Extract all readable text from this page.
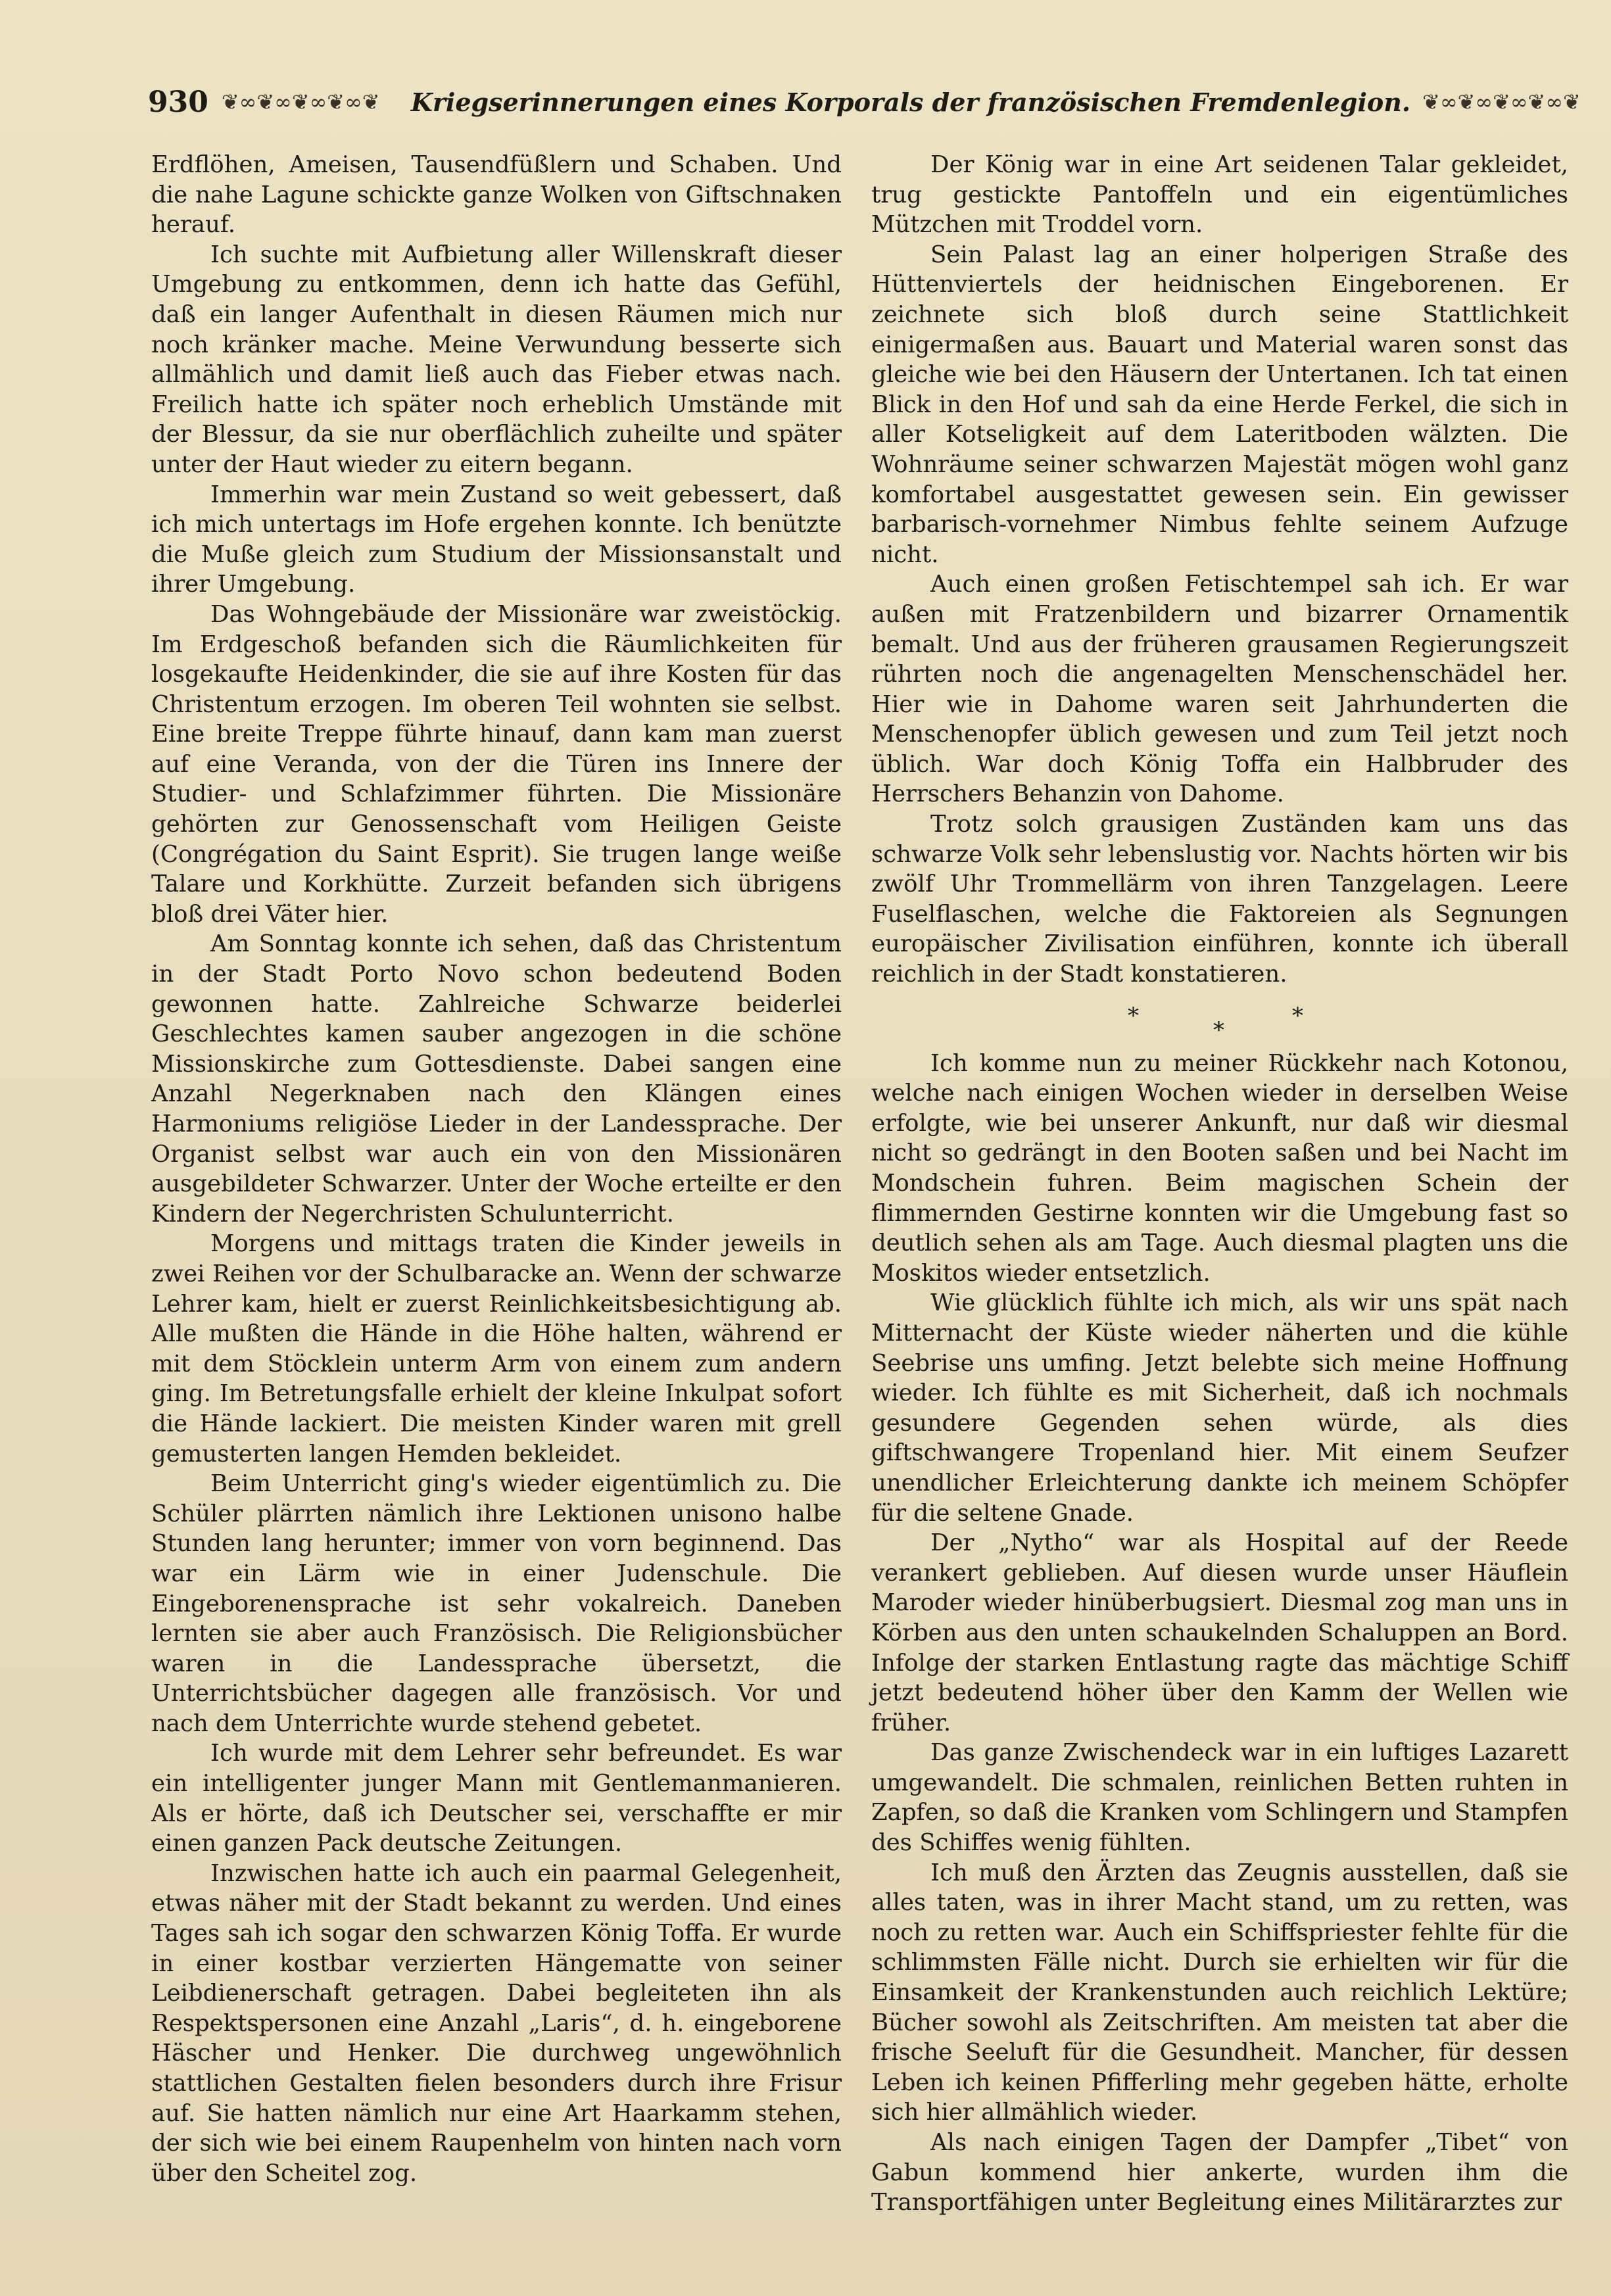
930 ❦∞❦∞❦∞❦∞❦	Kriegserinnerungen eines Korporals der französischen Fremdenlegion. ❦∞❦∞❦∞❦∞❦

Erdflöhen, Ameisen, Tausendfüßlern und Schaben. Und die nahe Lagune schickte ganze Wolken von Giftschnaken herauf.

Ich suchte mit Aufbietung aller Willenskraft dieser Umgebung zu entkommen, denn ich hatte das Gefühl, daß ein langer Aufenthalt in diesen Räumen mich nur noch kränker mache. Meine Verwundung besserte sich allmählich und damit ließ auch das Fieber etwas nach. Freilich hatte ich später noch erheblich Umstände mit der Blessur, da sie nur oberflächlich zuheilte und später unter der Haut wieder zu eitern begann.

Immerhin war mein Zustand so weit gebessert, daß ich mich untertags im Hofe ergehen konnte. Ich benützte die Muße gleich zum Studium der Missionsanstalt und ihrer Umgebung.

Das Wohngebäude der Missionäre war zweistöckig. Im Erdgeschoß befanden sich die Räumlichkeiten für losgekaufte Heidenkinder, die sie auf ihre Kosten für das Christentum erzogen. Im oberen Teil wohnten sie selbst. Eine breite Treppe führte hinauf, dann kam man zuerst auf eine Veranda, von der die Türen ins Innere der Studier- und Schlafzimmer führten. Die Missionäre gehörten zur Genossenschaft vom Heiligen Geiste (Congrégation du Saint Esprit). Sie trugen lange weiße Talare und Korkhütte. Zurzeit befanden sich übrigens bloß drei Väter hier.

Am Sonntag konnte ich sehen, daß das Christentum in der Stadt Porto Novo schon bedeutend Boden gewonnen hatte. Zahlreiche Schwarze beiderlei Geschlechtes kamen sauber angezogen in die schöne Missionskirche zum Gottesdienste. Dabei sangen eine Anzahl Negerknaben nach den Klängen eines Harmoniums religiöse Lieder in der Landessprache. Der Organist selbst war auch ein von den Missionären ausgebildeter Schwarzer. Unter der Woche erteilte er den Kindern der Negerchristen Schulunterricht.

Morgens und mittags traten die Kinder jeweils in zwei Reihen vor der Schulbaracke an. Wenn der schwarze Lehrer kam, hielt er zuerst Reinlichkeitsbesichtigung ab. Alle mußten die Hände in die Höhe halten, während er mit dem Stöcklein unterm Arm von einem zum andern ging. Im Betretungsfalle erhielt der kleine Inkulpat sofort die Hände lackiert. Die meisten Kinder waren mit grell gemusterten langen Hemden bekleidet.

Beim Unterricht ging's wieder eigentümlich zu. Die Schüler plärrten nämlich ihre Lektionen unisono halbe Stunden lang herunter; immer von vorn beginnend. Das war ein Lärm wie in einer Judenschule. Die Eingeborenensprache ist sehr vokalreich. Daneben lernten sie aber auch Französisch. Die Religionsbücher waren in die Landessprache übersetzt, die Unterrichtsbücher dagegen alle französisch. Vor und nach dem Unterrichte wurde stehend gebetet.

Ich wurde mit dem Lehrer sehr befreundet. Es war ein intelligenter junger Mann mit Gentlemanmanieren. Als er hörte, daß ich Deutscher sei, verschaffte er mir einen ganzen Pack deutsche Zeitungen.

Inzwischen hatte ich auch ein paarmal Gelegenheit, etwas näher mit der Stadt bekannt zu werden. Und eines Tages sah ich sogar den schwarzen König Toffa. Er wurde in einer kostbar verzierten Hängematte von seiner Leibdienerschaft getragen. Dabei begleiteten ihn als Respektspersonen eine Anzahl „Laris“, d. h. eingeborene Häscher und Henker. Die durchweg ungewöhnlich stattlichen Gestalten fielen besonders durch ihre Frisur auf. Sie hatten nämlich nur eine Art Haarkamm stehen, der sich wie bei einem Raupenhelm von hinten nach vorn über den Scheitel zog.

Der König war in eine Art seidenen Talar gekleidet, trug gestickte Pantoffeln und ein eigentümliches Mützchen mit Troddel vorn.

Sein Palast lag an einer holperigen Straße des Hüttenviertels der heidnischen Eingeborenen. Er zeichnete sich bloß durch seine Stattlichkeit einigermaßen aus. Bauart und Material waren sonst das gleiche wie bei den Häusern der Untertanen. Ich tat einen Blick in den Hof und sah da eine Herde Ferkel, die sich in aller Kotseligkeit auf dem Lateritboden wälzten. Die Wohnräume seiner schwarzen Majestät mögen wohl ganz komfortabel ausgestattet gewesen sein. Ein gewisser barbarisch-vornehmer Nimbus fehlte seinem Aufzuge nicht.

Auch einen großen Fetischtempel sah ich. Er war außen mit Fratzenbildern und bizarrer Ornamentik bemalt. Und aus der früheren grausamen Regierungszeit rührten noch die angenagelten Menschenschädel her. Hier wie in Dahome waren seit Jahrhunderten die Menschenopfer üblich gewesen und zum Teil jetzt noch üblich. War doch König Toffa ein Halbbruder des Herrschers Behanzin von Dahome.

Trotz solch grausigen Zuständen kam uns das schwarze Volk sehr lebenslustig vor. Nachts hörten wir bis zwölf Uhr Trommellärm von ihren Tanzgelagen. Leere Fuselflaschen, welche die Faktoreien als Segnungen europäischer Zivilisation einführen, konnte ich überall reichlich in der Stadt konstatieren.

*
*
*

Ich komme nun zu meiner Rückkehr nach Kotonou, welche nach einigen Wochen wieder in derselben Weise erfolgte, wie bei unserer Ankunft, nur daß wir diesmal nicht so gedrängt in den Booten saßen und bei Nacht im Mondschein fuhren. Beim magischen Schein der flimmernden Gestirne konnten wir die Umgebung fast so deutlich sehen als am Tage. Auch diesmal plagten uns die Moskitos wieder entsetzlich.

Wie glücklich fühlte ich mich, als wir uns spät nach Mitternacht der Küste wieder näherten und die kühle Seebrise uns umfing. Jetzt belebte sich meine Hoffnung wieder. Ich fühlte es mit Sicherheit, daß ich nochmals gesundere Gegenden sehen würde, als dies giftschwangere Tropenland hier. Mit einem Seufzer unendlicher Erleichterung dankte ich meinem Schöpfer für die seltene Gnade.

Der „Nytho“ war als Hospital auf der Reede verankert geblieben. Auf diesen wurde unser Häuflein Maroder wieder hinüberbugsiert. Diesmal zog man uns in Körben aus den unten schaukelnden Schaluppen an Bord. Infolge der starken Entlastung ragte das mächtige Schiff jetzt bedeutend höher über den Kamm der Wellen wie früher.

Das ganze Zwischendeck war in ein luftiges Lazarett umgewandelt. Die schmalen, reinlichen Betten ruhten in Zapfen, so daß die Kranken vom Schlingern und Stampfen des Schiffes wenig fühlten.

Ich muß den Ärzten das Zeugnis ausstellen, daß sie alles taten, was in ihrer Macht stand, um zu retten, was noch zu retten war. Auch ein Schiffspriester fehlte für die schlimmsten Fälle nicht. Durch sie erhielten wir für die Einsamkeit der Krankenstunden auch reichlich Lektüre; Bücher sowohl als Zeitschriften. Am meisten tat aber die frische Seeluft für die Gesundheit. Mancher, für dessen Leben ich keinen Pfifferling mehr gegeben hätte, erholte sich hier allmählich wieder.

Als nach einigen Tagen der Dampfer „Tibet“ von Gabun kommend hier ankerte, wurden ihm die Transportfähigen unter Begleitung eines Militärarztes zur
